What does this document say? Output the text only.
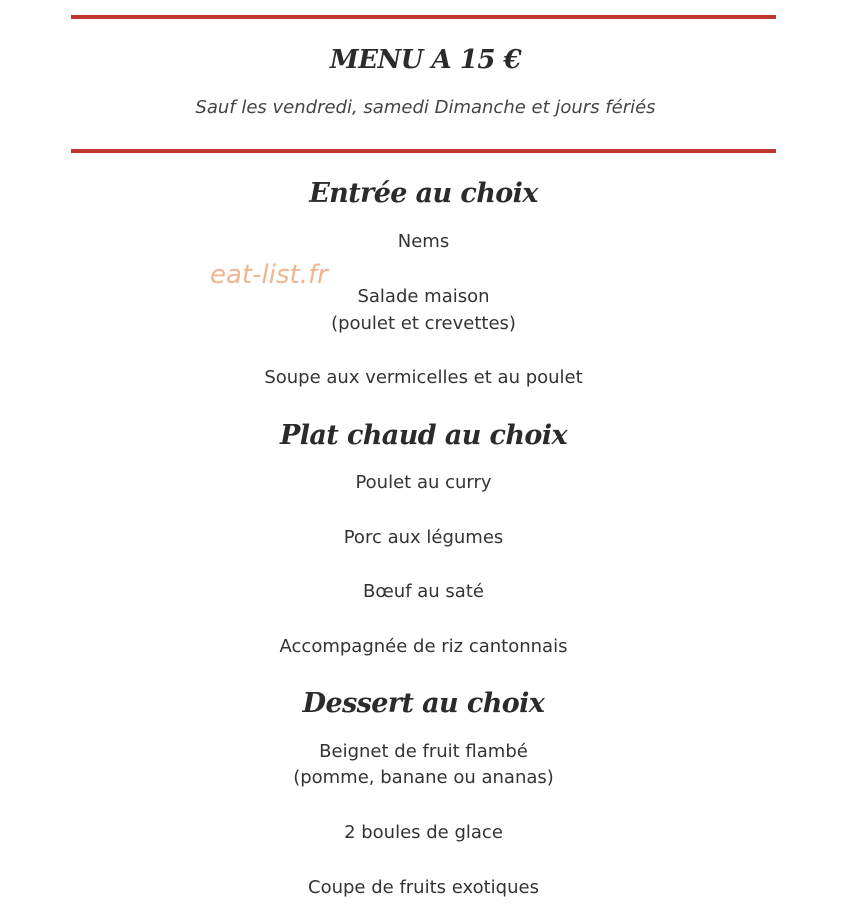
MENU A 15 €
Sauf les vendredi, samedi Dimanche et jours fériés
Entrée au choix
Nems
eat-list.fr
Salade maison
(poulet et crevettes)
Soupe aux vermicelles et au poulet
Plat chaud au choix
Poulet au curry
Porc aux légumes
Bœuf au saté
Accompagnée de riz cantonnais
Dessert au choix
Beignet de fruit flambé
(pomme, banane ou ananas)
2 boules de glace
Coupe de fruits exotiques
